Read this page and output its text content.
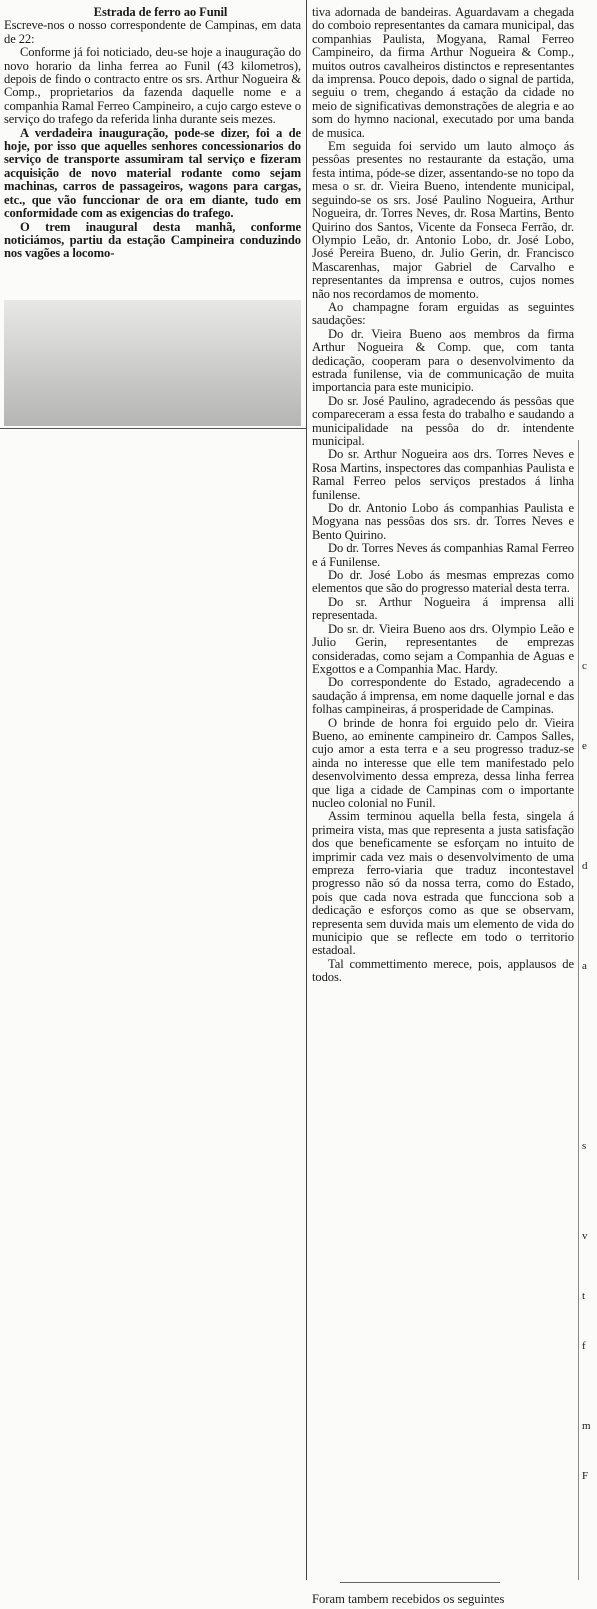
Estrada de ferro ao Funil

Escreve-nos o nosso correspondente de Campinas, em data de 22:

Conforme já foi noticiado, deu-se hoje a inauguração do novo horario da linha ferrea ao Funil (43 kilometros), depois de findo o contracto entre os srs. Arthur Nogueira & Comp., proprietarios da fazenda daquelle nome e a companhia Ramal Ferreo Campineiro, a cujo cargo esteve o serviço do trafego da referida linha durante seis mezes.

A verdadeira inauguração, pode-se dizer, foi a de hoje, por isso que aquelles senhores concessionarios do serviço de transporte assumiram tal serviço e fizeram acquisição de novo material rodante como sejam machinas, carros de passageiros, wagons para cargas, etc., que vão funccionar de ora em diante, tudo em conformidade com as exigencias do trafego.

O trem inaugural desta manhã, conforme noticiámos, partiu da estação Campineira conduzindo nos vagões a locomo-

tiva adornada de bandeiras. Aguardavam a chegada do comboio representantes da camara municipal, das companhias Paulista, Mogyana, Ramal Ferreo Campineiro, da firma Arthur Nogueira & Comp., muitos outros cavalheiros distinctos e representantes da imprensa. Pouco depois, dado o signal de partida, seguiu o trem, chegando á estação da cidade no meio de significativas demonstrações de alegria e ao som do hymno nacional, executado por uma banda de musica.

Em seguida foi servido um lauto almoço ás pessôas presentes no restaurante da estação, uma festa intima, póde-se dizer, assentando-se no topo da mesa o sr. dr. Vieira Bueno, intendente municipal, seguindo-se os srs. José Paulino Nogueira, Arthur Nogueira, dr. Torres Neves, dr. Rosa Martins, Bento Quirino dos Santos, Vicente da Fonseca Ferrão, dr. Olympio Leão, dr. Antonio Lobo, dr. José Lobo, José Pereira Bueno, dr. Julio Gerin, dr. Francisco Mascarenhas, major Gabriel de Carvalho e representantes da imprensa e outros, cujos nomes não nos recordamos de momento.

Ao champagne foram erguidas as seguintes saudações:

Do dr. Vieira Bueno aos membros da firma Arthur Nogueira & Comp. que, com tanta dedicação, cooperam para o desenvolvimento da estrada funilense, via de communicação de muita importancia para este municipio.

Do sr. José Paulino, agradecendo ás pessôas que compareceram a essa festa do trabalho e saudando a municipalidade na pessôa do dr. intendente municipal.

Do sr. Arthur Nogueira aos drs. Torres Neves e Rosa Martins, inspectores das companhias Paulista e Ramal Ferreo pelos serviços prestados á linha funilense.

Do dr. Antonio Lobo ás companhias Paulista e Mogyana nas pessôas dos srs. dr. Torres Neves e Bento Quirino.

Do dr. Torres Neves ás companhias Ramal Ferreo e á Funilense.

Do dr. José Lobo ás mesmas emprezas como elementos que são do progresso material desta terra.

Do sr. Arthur Nogueira á imprensa alli representada.

Do sr. dr. Vieira Bueno aos drs. Olympio Leão e Julio Gerin, representantes de emprezas consideradas, como sejam a Companhia de Aguas e Exgottos e a Companhia Mac. Hardy.

Do correspondente do Estado, agradecendo a saudação á imprensa, em nome daquelle jornal e das folhas campineiras, á prosperidade de Campinas.

O brinde de honra foi erguido pelo dr. Vieira Bueno, ao eminente campineiro dr. Campos Salles, cujo amor a esta terra e a seu progresso traduz-se ainda no interesse que elle tem manifestado pelo desenvolvimento dessa empreza, dessa linha ferrea que liga a cidade de Campinas com o importante nucleo colonial no Funil.

Assim terminou aquella bella festa, singela á primeira vista, mas que representa a justa satisfação dos que beneficamente se esforçam no intuito de imprimir cada vez mais o desenvolvimento de uma empreza ferro-viaria que traduz incontestavel progresso não só da nossa terra, como do Estado, pois que cada nova estrada que funcciona sob a dedicação e esforços como as que se observam, representa sem duvida mais um elemento de vida do municipio que se reflecte em todo o territorio estadoal.

Tal commettimento merece, pois, applausos de todos.

Foram tambem recebidos os seguintes
c
e
d
a
s
v
t
f
m
F
